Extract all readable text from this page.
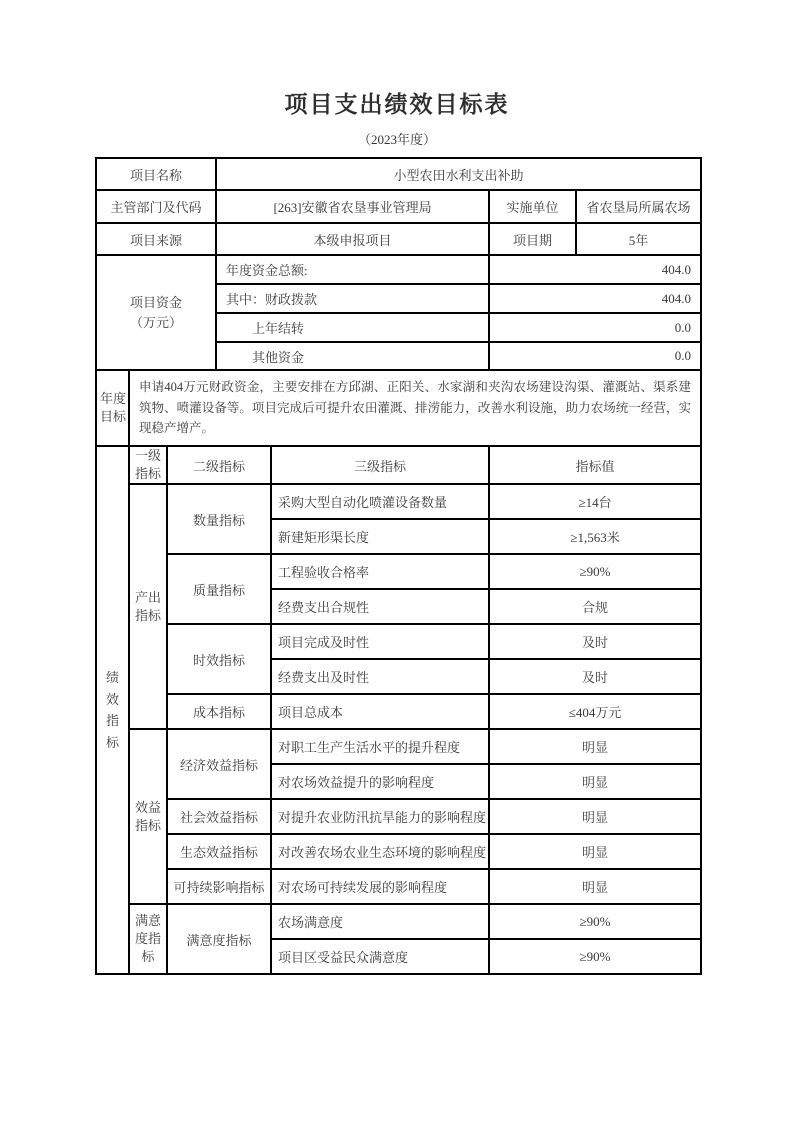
项目支出绩效目标表
（2023年度）
项目名称			小型农田水利支出补助			
主管部门及代码			[263]安徽省农垦事业管理局		实施单位	省农垦局所属农场
项目来源			本级申报项目		项目期	5年

项目资金（万元）			年度资金总额:		404.0	
			其中：财政拨款		404.0	
			上年结转		0.0	
			其他资金		0.0	

年度目标	申请404万元财政资金，主要安排在方邱湖、正阳关、水家湖和夹沟农场建设沟渠、灌溉站、渠系建筑物、喷灌设备等。项目完成后可提升农田灌溉、排涝能力，改善水利设施，助力农场统一经营，实现稳产增产。					

绩效指标	一级指标	二级指标		三级指标	指标值	

	产出指标	数量指标		采购大型自动化喷灌设备数量	≥14台	
				新建矩形渠长度	≥1,563米	
		质量指标		工程验收合格率	≥90%	
				经费支出合规性	合规	
		时效指标		项目完成及时性	及时	
				经费支出及时性	及时	
		成本指标		项目总成本	≤404万元	

	效益指标	经济效益指标		对职工生产生活水平的提升程度	明显	
				对农场效益提升的影响程度	明显	
		社会效益指标		对提升农业防汛抗旱能力的影响程度	明显	
		生态效益指标		对改善农场农业生态环境的影响程度	明显	
		可持续影响指标		对农场可持续发展的影响程度	明显	

	满意度指标	满意度指标		农场满意度	≥90%	
				项目区受益民众满意度	≥90%	
